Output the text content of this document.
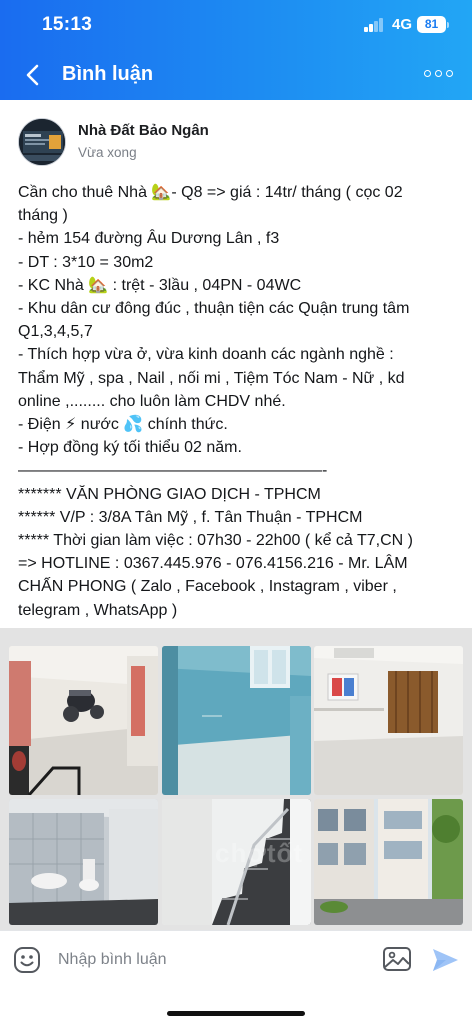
15:13	4G	81
Bình luận
Nhà Đất Bảo Ngân
Vừa xong
Cần cho thuê Nhà 🏡- Q8 => giá : 14tr/ tháng ( cọc 02
tháng )
- hẻm 154 đường Âu Dương Lân , f3
- DT : 3*10 = 30m2
- KC Nhà 🏡 : trệt - 3lầu , 04PN - 04WC
- Khu dân cư đông đúc , thuận tiện các Quận trung tâm
Q1,3,4,5,7
- Thích hợp vừa ở, vừa kinh doanh các ngành nghề :
Thẩm Mỹ , spa , Nail , nối mi , Tiệm Tóc Nam - Nữ , kd
online ,........ cho luôn làm CHDV nhé.
- Điện ⚡ nước 💦 chính thức.
- Hợp đồng ký tối thiểu 02 năm.
———————————————————-
******* VĂN PHÒNG GIAO DỊCH - TPHCM
****** V/P : 3/8A Tân Mỹ , f. Tân Thuận - TPHCM
***** Thời gian làm việc : 07h30 - 22h00 ( kể cả T7,CN )
=> HOTLINE : 0367.445.976 - 076.4156.216 - Mr. LÂM
CHẤN PHONG ( Zalo , Facebook , Instagram , viber ,
telegram , WhatsApp )
chợtốt
Nhập bình luận
